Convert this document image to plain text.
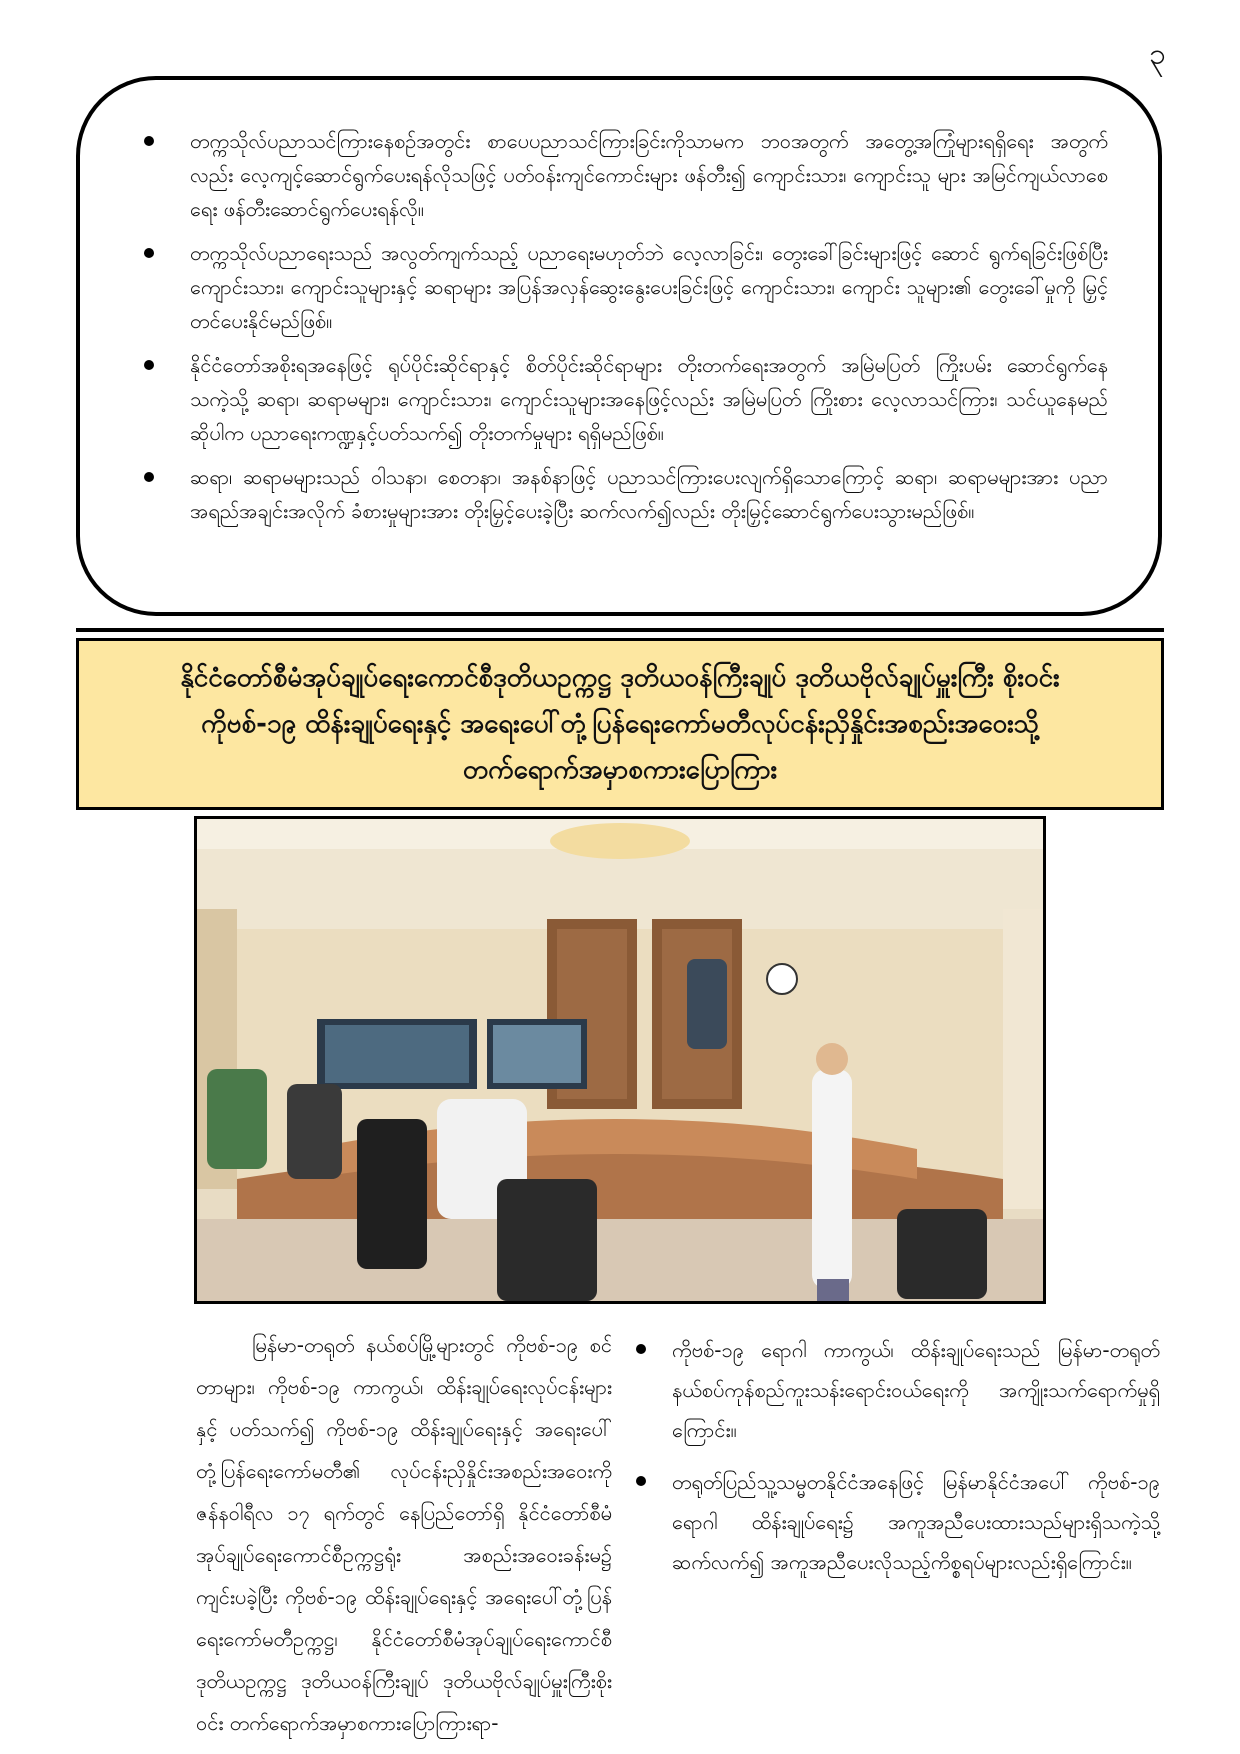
၃
တက္ကသိုလ်ပညာသင်ကြားနေစဉ်အတွင်း စာပေပညာသင်ကြားခြင်းကိုသာမက ဘဝအတွက် အတွေ့အကြုံများရရှိရေး အတွက်လည်း လေ့ကျင့်ဆောင်ရွက်ပေးရန်လိုသဖြင့် ပတ်ဝန်းကျင်ကောင်းများ ဖန်တီး၍ ကျောင်းသား၊ ကျောင်းသူ များ အမြင်ကျယ်လာစေရေး ဖန်တီးဆောင်ရွက်ပေးရန်လို။
တက္ကသိုလ်ပညာရေးသည် အလွတ်ကျက်သည့် ပညာရေးမဟုတ်ဘဲ လေ့လာခြင်း၊ တွေးခေါ်ခြင်းများဖြင့် ဆောင် ရွက်ရခြင်းဖြစ်ပြီး ကျောင်းသား၊ ကျောင်းသူများနှင့် ဆရာများ အပြန်အလှန်ဆွေးနွေးပေးခြင်းဖြင့် ကျောင်းသား၊ ကျောင်း သူများ၏ တွေးခေါ်မှုကို မြှင့်တင်ပေးနိုင်မည်ဖြစ်။
နိုင်ငံတော်အစိုးရအနေဖြင့် ရုပ်ပိုင်းဆိုင်ရာနှင့် စိတ်ပိုင်းဆိုင်ရာများ တိုးတက်ရေးအတွက် အမြဲမပြတ် ကြိုးပမ်း ဆောင်ရွက်နေသကဲ့သို့ ဆရာ၊ ဆရာမများ၊ ကျောင်းသား၊ ကျောင်းသူများအနေဖြင့်လည်း အမြဲမပြတ် ကြိုးစား လေ့လာသင်ကြား၊ သင်ယူနေမည်ဆိုပါက ပညာရေးကဏ္ဍနှင့်ပတ်သက်၍ တိုးတက်မှုများ ရရှိမည်ဖြစ်။
ဆရာ၊ ဆရာမများသည် ဝါသနာ၊ စေတနာ၊ အနစ်နာဖြင့် ပညာသင်ကြားပေးလျက်ရှိသောကြောင့် ဆရာ၊ ဆရာမများအား ပညာအရည်အချင်းအလိုက် ခံစားမှုများအား တိုးမြှင့်ပေးခဲ့ပြီး ဆက်လက်၍လည်း တိုးမြှင့်ဆောင်ရွက်ပေးသွားမည်ဖြစ်။
နိုင်ငံတော်စီမံအုပ်ချုပ်ရေးကောင်စီဒုတိယဥက္ကဋ္ဌ ဒုတိယဝန်ကြီးချုပ် ဒုတိယဗိုလ်ချုပ်မှူးကြီး စိုးဝင်း
ကိုဗစ်-၁၉ ထိန်းချုပ်ရေးနှင့် အရေးပေါ်တုံ့ပြန်ရေးကော်မတီလုပ်ငန်းညှိနှိုင်းအစည်းအဝေးသို့
တက်ရောက်အမှာစကားပြောကြား

မြန်မာ-တရုတ် နယ်စပ်မြို့များတွင် ကိုဗစ်-၁၉ စင်တာများ၊ ကိုဗစ်-၁၉ ကာကွယ်၊ ထိန်းချုပ်ရေးလုပ်ငန်းများနှင့် ပတ်သက်၍ ကိုဗစ်-၁၉ ထိန်းချုပ်ရေးနှင့် အရေးပေါ်တုံ့ပြန်ရေးကော်မတီ၏ လုပ်ငန်းညှိနှိုင်းအစည်းအဝေးကို ဇန်နဝါရီလ ၁၇ ရက်တွင် နေပြည်တော်ရှိ နိုင်ငံတော်စီမံအုပ်ချုပ်ရေးကောင်စီဥက္ကဋ္ဌရုံး အစည်းအဝေးခန်းမ၌ ကျင်းပခဲ့ပြီး ကိုဗစ်-၁၉ ထိန်းချုပ်ရေးနှင့် အရေးပေါ်တုံ့ပြန်ရေးကော်မတီဥက္ကဋ္ဌ၊ နိုင်ငံတော်စီမံအုပ်ချုပ်ရေးကောင်စီဒုတိယဥက္ကဋ္ဌ ဒုတိယဝန်ကြီးချုပ် ဒုတိယဗိုလ်ချုပ်မှူးကြီးစိုးဝင်း တက်ရောက်အမှာစကားပြောကြားရာ-

ကိုဗစ်-၁၉ ရောဂါ ကာကွယ်၊ ထိန်းချုပ်ရေးသည် မြန်မာ-တရုတ် နယ်စပ်ကုန်စည်ကူးသန်းရောင်းဝယ်ရေးကို အကျိုးသက်ရောက်မှုရှိကြောင်း။
တရုတ်ပြည်သူ့သမ္မတနိုင်ငံအနေဖြင့် မြန်မာနိုင်ငံအပေါ် ကိုဗစ်-၁၉ ရောဂါ ထိန်းချုပ်ရေး၌ အကူအညီပေးထားသည်များရှိသကဲ့သို့ ဆက်လက်၍ အကူအညီပေးလိုသည့်ကိစ္စရပ်များလည်းရှိကြောင်း။
